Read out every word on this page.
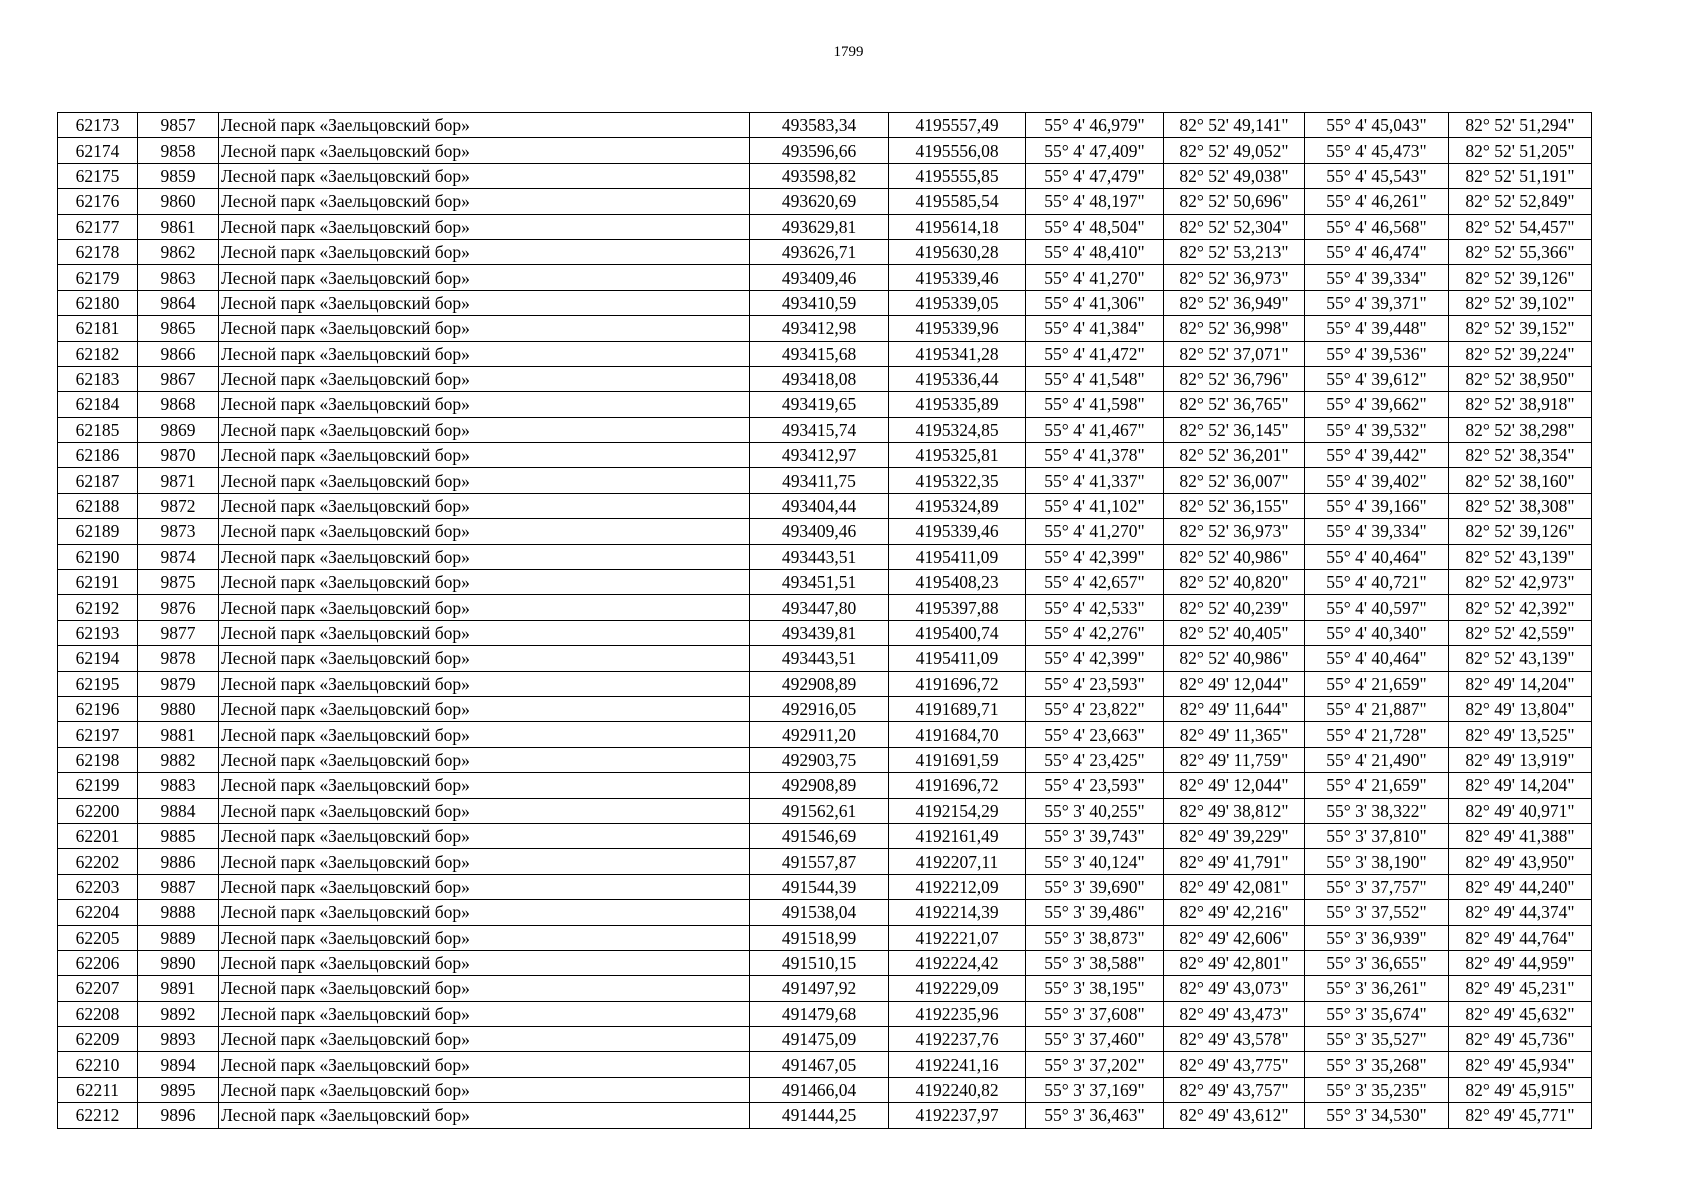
1799
62173	9857	Лесной парк «Заельцовский бор»	493583,34	4195557,49	55° 4' 46,979"	82° 52' 49,141"	55° 4' 45,043"	82° 52' 51,294"
62174	9858	Лесной парк «Заельцовский бор»	493596,66	4195556,08	55° 4' 47,409"	82° 52' 49,052"	55° 4' 45,473"	82° 52' 51,205"
62175	9859	Лесной парк «Заельцовский бор»	493598,82	4195555,85	55° 4' 47,479"	82° 52' 49,038"	55° 4' 45,543"	82° 52' 51,191"
62176	9860	Лесной парк «Заельцовский бор»	493620,69	4195585,54	55° 4' 48,197"	82° 52' 50,696"	55° 4' 46,261"	82° 52' 52,849"
62177	9861	Лесной парк «Заельцовский бор»	493629,81	4195614,18	55° 4' 48,504"	82° 52' 52,304"	55° 4' 46,568"	82° 52' 54,457"
62178	9862	Лесной парк «Заельцовский бор»	493626,71	4195630,28	55° 4' 48,410"	82° 52' 53,213"	55° 4' 46,474"	82° 52' 55,366"
62179	9863	Лесной парк «Заельцовский бор»	493409,46	4195339,46	55° 4' 41,270"	82° 52' 36,973"	55° 4' 39,334"	82° 52' 39,126"
62180	9864	Лесной парк «Заельцовский бор»	493410,59	4195339,05	55° 4' 41,306"	82° 52' 36,949"	55° 4' 39,371"	82° 52' 39,102"
62181	9865	Лесной парк «Заельцовский бор»	493412,98	4195339,96	55° 4' 41,384"	82° 52' 36,998"	55° 4' 39,448"	82° 52' 39,152"
62182	9866	Лесной парк «Заельцовский бор»	493415,68	4195341,28	55° 4' 41,472"	82° 52' 37,071"	55° 4' 39,536"	82° 52' 39,224"
62183	9867	Лесной парк «Заельцовский бор»	493418,08	4195336,44	55° 4' 41,548"	82° 52' 36,796"	55° 4' 39,612"	82° 52' 38,950"
62184	9868	Лесной парк «Заельцовский бор»	493419,65	4195335,89	55° 4' 41,598"	82° 52' 36,765"	55° 4' 39,662"	82° 52' 38,918"
62185	9869	Лесной парк «Заельцовский бор»	493415,74	4195324,85	55° 4' 41,467"	82° 52' 36,145"	55° 4' 39,532"	82° 52' 38,298"
62186	9870	Лесной парк «Заельцовский бор»	493412,97	4195325,81	55° 4' 41,378"	82° 52' 36,201"	55° 4' 39,442"	82° 52' 38,354"
62187	9871	Лесной парк «Заельцовский бор»	493411,75	4195322,35	55° 4' 41,337"	82° 52' 36,007"	55° 4' 39,402"	82° 52' 38,160"
62188	9872	Лесной парк «Заельцовский бор»	493404,44	4195324,89	55° 4' 41,102"	82° 52' 36,155"	55° 4' 39,166"	82° 52' 38,308"
62189	9873	Лесной парк «Заельцовский бор»	493409,46	4195339,46	55° 4' 41,270"	82° 52' 36,973"	55° 4' 39,334"	82° 52' 39,126"
62190	9874	Лесной парк «Заельцовский бор»	493443,51	4195411,09	55° 4' 42,399"	82° 52' 40,986"	55° 4' 40,464"	82° 52' 43,139"
62191	9875	Лесной парк «Заельцовский бор»	493451,51	4195408,23	55° 4' 42,657"	82° 52' 40,820"	55° 4' 40,721"	82° 52' 42,973"
62192	9876	Лесной парк «Заельцовский бор»	493447,80	4195397,88	55° 4' 42,533"	82° 52' 40,239"	55° 4' 40,597"	82° 52' 42,392"
62193	9877	Лесной парк «Заельцовский бор»	493439,81	4195400,74	55° 4' 42,276"	82° 52' 40,405"	55° 4' 40,340"	82° 52' 42,559"
62194	9878	Лесной парк «Заельцовский бор»	493443,51	4195411,09	55° 4' 42,399"	82° 52' 40,986"	55° 4' 40,464"	82° 52' 43,139"
62195	9879	Лесной парк «Заельцовский бор»	492908,89	4191696,72	55° 4' 23,593"	82° 49' 12,044"	55° 4' 21,659"	82° 49' 14,204"
62196	9880	Лесной парк «Заельцовский бор»	492916,05	4191689,71	55° 4' 23,822"	82° 49' 11,644"	55° 4' 21,887"	82° 49' 13,804"
62197	9881	Лесной парк «Заельцовский бор»	492911,20	4191684,70	55° 4' 23,663"	82° 49' 11,365"	55° 4' 21,728"	82° 49' 13,525"
62198	9882	Лесной парк «Заельцовский бор»	492903,75	4191691,59	55° 4' 23,425"	82° 49' 11,759"	55° 4' 21,490"	82° 49' 13,919"
62199	9883	Лесной парк «Заельцовский бор»	492908,89	4191696,72	55° 4' 23,593"	82° 49' 12,044"	55° 4' 21,659"	82° 49' 14,204"
62200	9884	Лесной парк «Заельцовский бор»	491562,61	4192154,29	55° 3' 40,255"	82° 49' 38,812"	55° 3' 38,322"	82° 49' 40,971"
62201	9885	Лесной парк «Заельцовский бор»	491546,69	4192161,49	55° 3' 39,743"	82° 49' 39,229"	55° 3' 37,810"	82° 49' 41,388"
62202	9886	Лесной парк «Заельцовский бор»	491557,87	4192207,11	55° 3' 40,124"	82° 49' 41,791"	55° 3' 38,190"	82° 49' 43,950"
62203	9887	Лесной парк «Заельцовский бор»	491544,39	4192212,09	55° 3' 39,690"	82° 49' 42,081"	55° 3' 37,757"	82° 49' 44,240"
62204	9888	Лесной парк «Заельцовский бор»	491538,04	4192214,39	55° 3' 39,486"	82° 49' 42,216"	55° 3' 37,552"	82° 49' 44,374"
62205	9889	Лесной парк «Заельцовский бор»	491518,99	4192221,07	55° 3' 38,873"	82° 49' 42,606"	55° 3' 36,939"	82° 49' 44,764"
62206	9890	Лесной парк «Заельцовский бор»	491510,15	4192224,42	55° 3' 38,588"	82° 49' 42,801"	55° 3' 36,655"	82° 49' 44,959"
62207	9891	Лесной парк «Заельцовский бор»	491497,92	4192229,09	55° 3' 38,195"	82° 49' 43,073"	55° 3' 36,261"	82° 49' 45,231"
62208	9892	Лесной парк «Заельцовский бор»	491479,68	4192235,96	55° 3' 37,608"	82° 49' 43,473"	55° 3' 35,674"	82° 49' 45,632"
62209	9893	Лесной парк «Заельцовский бор»	491475,09	4192237,76	55° 3' 37,460"	82° 49' 43,578"	55° 3' 35,527"	82° 49' 45,736"
62210	9894	Лесной парк «Заельцовский бор»	491467,05	4192241,16	55° 3' 37,202"	82° 49' 43,775"	55° 3' 35,268"	82° 49' 45,934"
62211	9895	Лесной парк «Заельцовский бор»	491466,04	4192240,82	55° 3' 37,169"	82° 49' 43,757"	55° 3' 35,235"	82° 49' 45,915"
62212	9896	Лесной парк «Заельцовский бор»	491444,25	4192237,97	55° 3' 36,463"	82° 49' 43,612"	55° 3' 34,530"	82° 49' 45,771"
